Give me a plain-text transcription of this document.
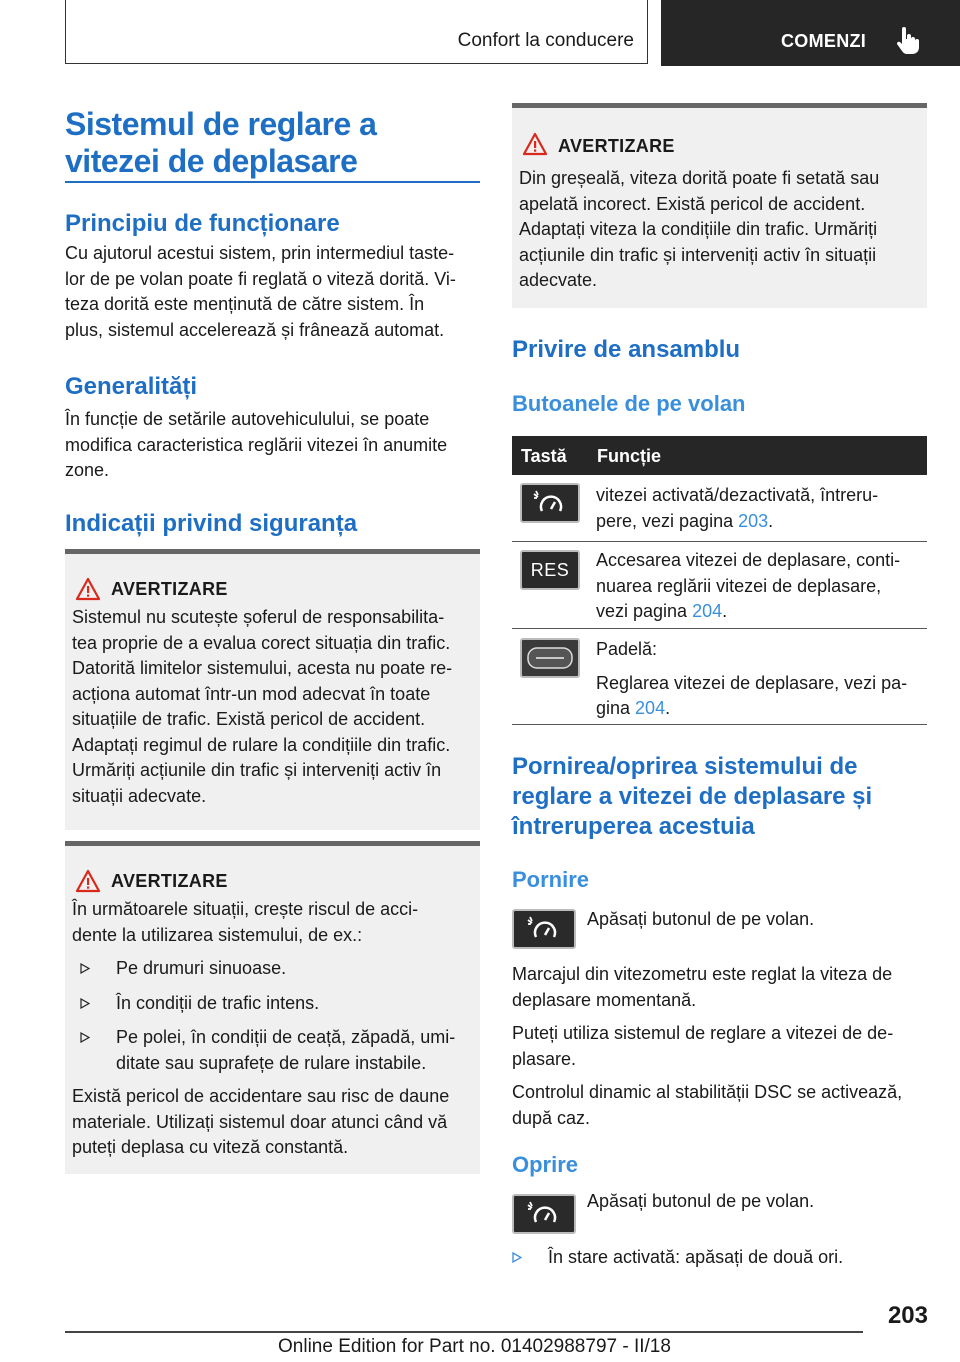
Confort la conducere	COMENZI
Sistemul de reglare a
vitezei de deplasare
Principiu de funcționare

Cu ajutorul acestui sistem, prin intermediul taste-

lor de pe volan poate fi reglată o viteză dorită. Vi-

teza dorită este menținută de către sistem. În

plus, sistemul accelerează și frânează automat.

Generalități

În funcție de setările autovehiculului, se poate

modifica caracteristica reglării vitezei în anumite

zone.

Indicații privind siguranța
AVERTIZARE

Sistemul nu scutește șoferul de responsabilita-

tea proprie de a evalua corect situația din trafic.

Datorită limitelor sistemului, acesta nu poate re-

acționa automat într-un mod adecvat în toate

situațiile de trafic. Există pericol de accident.

Adaptați regimul de rulare la condițiile din trafic.

Urmăriți acțiunile din trafic și interveniți activ în

situații adecvate.

AVERTIZARE

În următoarele situații, crește riscul de acci-

dente la utilizarea sistemului, de ex.:

Pe drumuri sinuoase.

În condiții de trafic intens.

Pe polei, în condiții de ceață, zăpadă, umi-

ditate sau suprafețe de rulare instabile.

Există pericol de accidentare sau risc de daune

materiale. Utilizați sistemul doar atunci când vă

puteți deplasa cu viteză constantă.

AVERTIZARE

Din greșeală, viteza dorită poate fi setată sau

apelată incorect. Există pericol de accident.

Adaptați viteza la condițiile din trafic. Urmăriți

acțiunile din trafic și interveniți activ în situații

adecvate.

Privire de ansamblu
Butoanele de pe volan
Tastă Funcție

vitezei activată/dezactivată, întreru-

pere, vezi pagina 203.

RES Accesarea vitezei de deplasare, conti-

nuarea reglării vitezei de deplasare,

vezi pagina 204.

Padelă:

Reglarea vitezei de deplasare, vezi pa-

gina 204.

Pornirea/oprirea sistemului de
reglare a vitezei de deplasare și
întreruperea acestuia
Pornire
Apăsați butonul de pe volan.

Marcajul din vitezometru este reglat la viteza de

deplasare momentană.

Puteți utiliza sistemul de reglare a vitezei de de-

plasare.

Controlul dinamic al stabilității DSC se activează,

după caz.

Oprire
Apăsați butonul de pe volan.

În stare activată: apăsați de două ori.

203
Online Edition for Part no. 01402988797 - II/18
